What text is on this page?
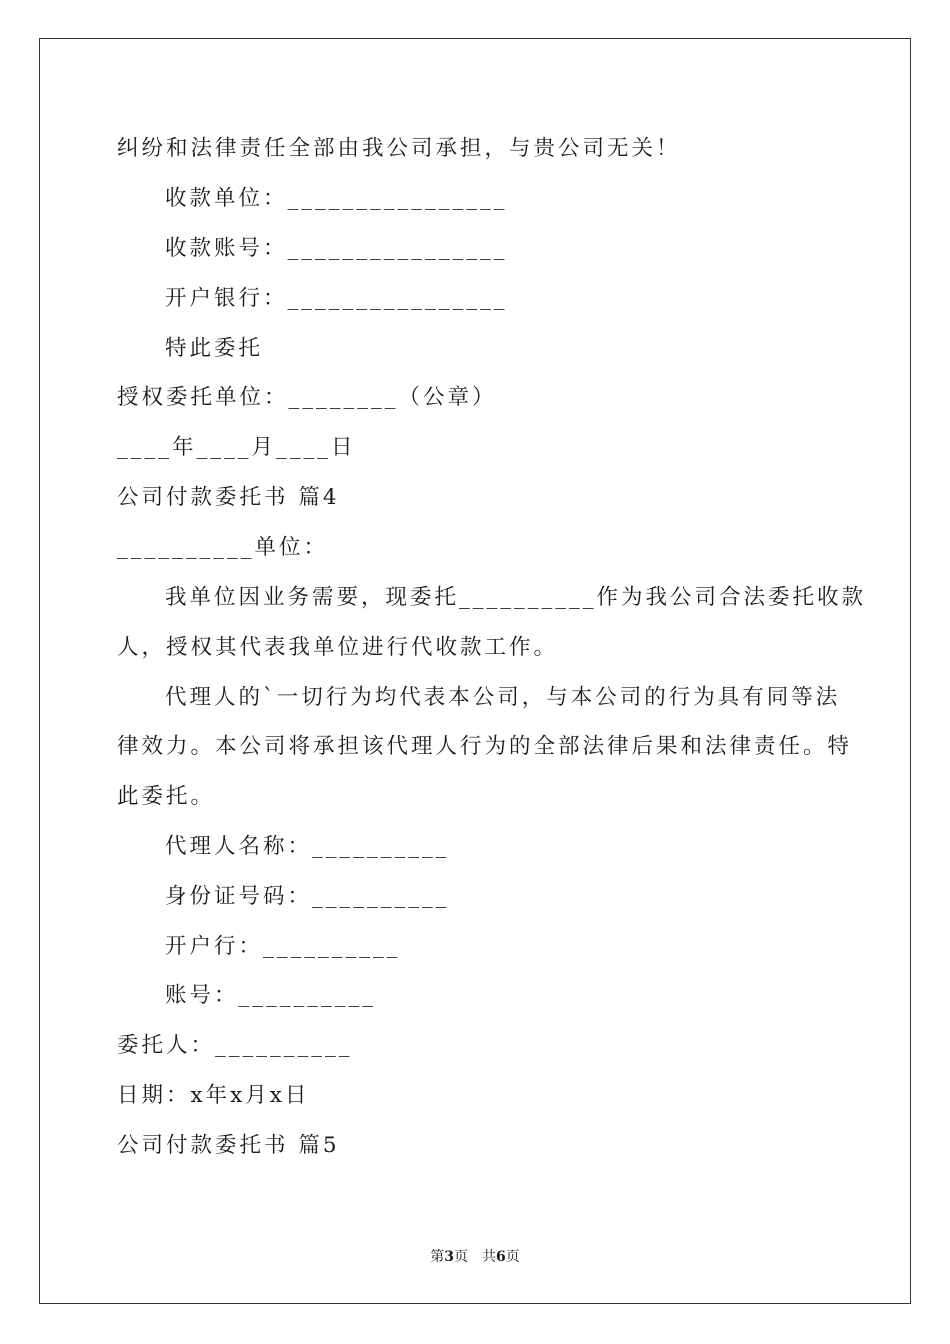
纠纷和法律责任全部由我公司承担，与贵公司无关！
收款单位：________________
收款账号：________________
开户银行：________________
特此委托
授权委托单位：________（公章）
____年____月____日
公司付款委托书 篇4
__________单位：
我单位因业务需要，现委托__________作为我公司合法委托收款
人，授权其代表我单位进行代收款工作。
代理人的`一切行为均代表本公司，与本公司的行为具有同等法
律效力。本公司将承担该代理人行为的全部法律后果和法律责任。特
此委托。
代理人名称：__________
身份证号码：__________
开户行：__________
账号：__________
委托人：__________
日期：x年x月x日
公司付款委托书 篇5
第3页 共6页
